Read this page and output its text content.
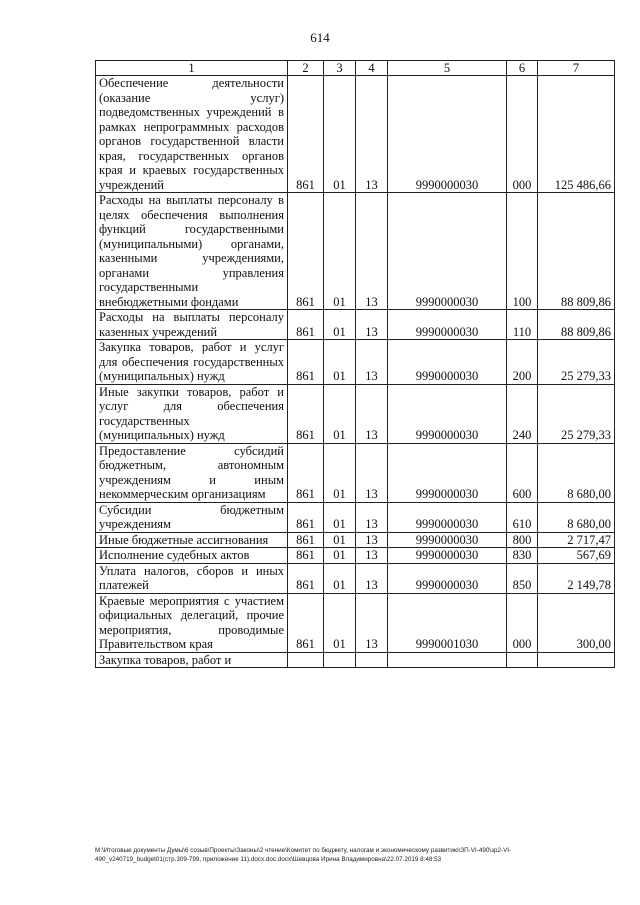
614
1	2	3	4	5	6	7
Обеспечение деятельности (оказание услуг) подведомственных учреждений в рамках непрограммных расходов органов государственной власти края, государственных органов края и краевых государственных учреждений	861	01	13	9990000030	000	125 486,66
Расходы на выплаты персоналу в целях обеспечения выполнения функций государственными (муниципальными) органами, казенными учреждениями, органами управления государственными внебюджетными фондами	861	01	13	9990000030	100	88 809,86
Расходы на выплаты персоналу казенных учреждений	861	01	13	9990000030	110	88 809,86
Закупка товаров, работ и услуг для обеспечения государственных (муниципальных) нужд	861	01	13	9990000030	200	25 279,33
Иные закупки товаров, работ и услуг для обеспечения государственных (муниципальных) нужд	861	01	13	9990000030	240	25 279,33
Предоставление субсидий бюджетным, автономным учреждениям и иным некоммерческим организациям	861	01	13	9990000030	600	8 680,00
Субсидии бюджетным учреждениям	861	01	13	9990000030	610	8 680,00
Иные бюджетные ассигнования	861	01	13	9990000030	800	2 717,47
Исполнение судебных актов	861	01	13	9990000030	830	567,69
Уплата налогов, сборов и иных платежей	861	01	13	9990000030	850	2 149,78
Краевые мероприятия с участием официальных делегаций, прочие мероприятия, проводимые Правительством края	861	01	13	9990001030	000	300,00
Закупка товаров, работ и						
М:\Итоговые документы Думы\6 созыв\Проекты\Законы\2 чтение\Комитет по бюджету, налогам и экономическому развитию\ЗП-VI-490\зр2-VI-
490_v240719_budget01(стр.309-799, приложение 11).docx.doc.docx\Шевцова Ирина Владимировна\22.07.2019 8:48:53
